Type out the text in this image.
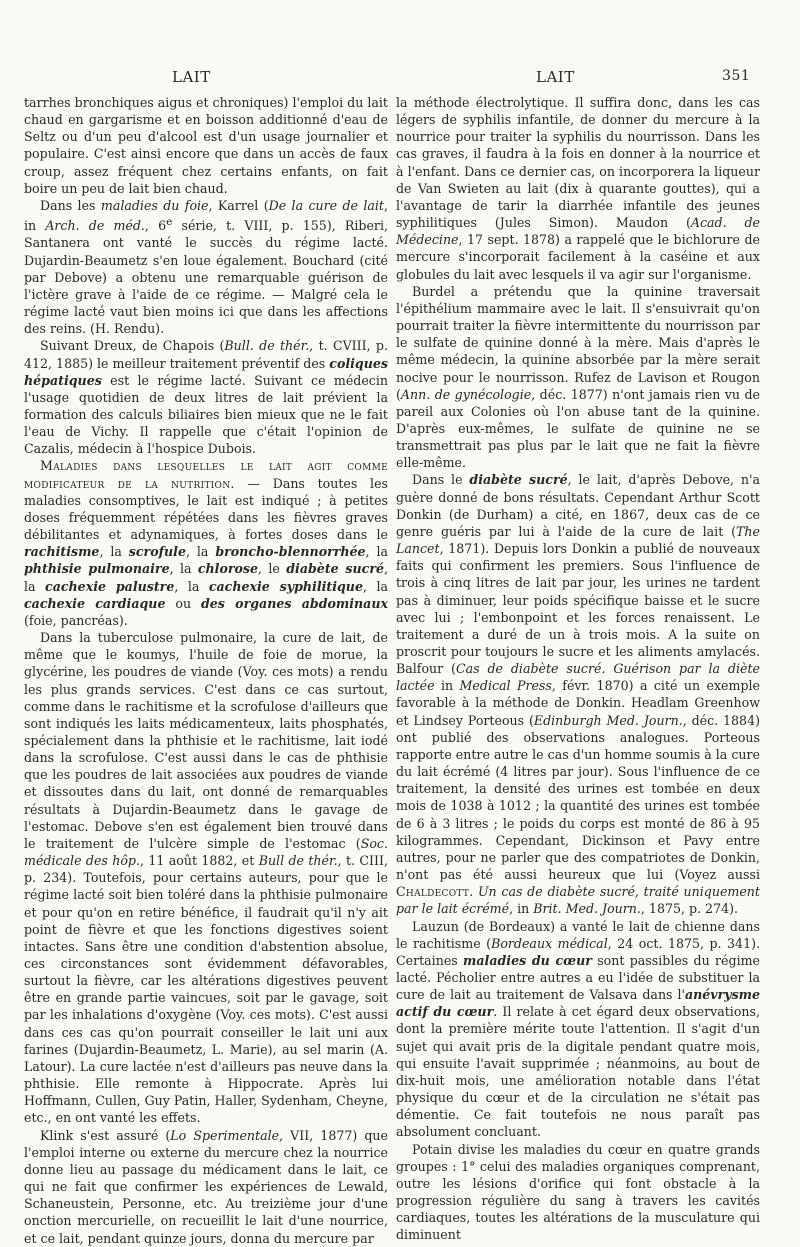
LAIT	LAIT	351

tarrhes bronchiques aigus et chroniques) l'emploi du lait chaud en gargarisme et en boisson additionné d'eau de Seltz ou d'un peu d'alcool est d'un usage journalier et populaire. C'est ainsi encore que dans un accès de faux croup, assez fréquent chez certains enfants, on fait boire un peu de lait bien chaud.

Dans les maladies du foie, Karrel (De la cure de lait, in Arch. de méd., 6e série, t. VIII, p. 155), Riberi, Santanera ont vanté le succès du régime lacté. Dujardin-Beaumetz s'en loue également. Bouchard (cité par Debove) a obtenu une remarquable guérison de l'ictère grave à l'aide de ce régime. — Malgré cela le régime lacté vaut bien moins ici que dans les affections des reins. (H. Rendu).

Suivant Dreux, de Chapois (Bull. de thér., t. CVIII, p. 412, 1885) le meilleur traitement préventif des coliques hépatiques est le régime lacté. Suivant ce médecin l'usage quotidien de deux litres de lait prévient la formation des calculs biliaires bien mieux que ne le fait l'eau de Vichy. Il rappelle que c'était l'opinion de Cazalis, médecin à l'hospice Dubois.

Maladies dans lesquelles le lait agit comme modificateur de la nutrition. — Dans toutes les maladies consomptives, le lait est indiqué ; à petites doses fréquemment répétées dans les fièvres graves débilitantes et adynamiques, à fortes doses dans le rachitisme, la scrofule, la broncho-blennorrhée, la phthisie pulmonaire, la chlorose, le diabète sucré, la cachexie palustre, la cachexie syphilitique, la cachexie cardiaque ou des organes abdominaux (foie, pancréas).

Dans la tuberculose pulmonaire, la cure de lait, de même que le koumys, l'huile de foie de morue, la glycérine, les poudres de viande (Voy. ces mots) a rendu les plus grands services. C'est dans ce cas surtout, comme dans le rachitisme et la scrofulose d'ailleurs que sont indiqués les laits médicamenteux, laits phosphatés, spécialement dans la phthisie et le rachitisme, lait iodé dans la scrofulose. C'est aussi dans le cas de phthisie que les poudres de lait associées aux poudres de viande et dissoutes dans du lait, ont donné de remarquables résultats à Dujardin-Beaumetz dans le gavage de l'estomac. Debove s'en est également bien trouvé dans le traitement de l'ulcère simple de l'estomac (Soc. médicale des hôp., 11 août 1882, et Bull de thér., t. CIII, p. 234). Toutefois, pour certains auteurs, pour que le régime lacté soit bien toléré dans la phthisie pulmonaire et pour qu'on en retire bénéfice, il faudrait qu'il n'y ait point de fièvre et que les fonctions digestives soient intactes. Sans être une condition d'abstention absolue, ces circonstances sont évidemment défavorables, surtout la fièvre, car les altérations digestives peuvent être en grande partie vaincues, soit par le gavage, soit par les inhalations d'oxygène (Voy. ces mots). C'est aussi dans ces cas qu'on pourrait conseiller le lait uni aux farines (Dujardin-Beaumetz, L. Marie), au sel marin (A. Latour). La cure lactée n'est d'ailleurs pas neuve dans la phthisie. Elle remonte à Hippocrate. Après lui Hoffmann, Cullen, Guy Patin, Haller, Sydenham, Cheyne, etc., en ont vanté les effets.

Klink s'est assuré (Lo Sperimentale, VII, 1877) que l'emploi interne ou externe du mercure chez la nourrice donne lieu au passage du médicament dans le lait, ce qui ne fait que confirmer les expériences de Lewald, Schaneustein, Personne, etc. Au treizième jour d'une onction mercurielle, on recueillit le lait d'une nourrice, et ce lait, pendant quinze jours, donna du mercure par

la méthode électrolytique. Il suffira donc, dans les cas légers de syphilis infantile, de donner du mercure à la nourrice pour traiter la syphilis du nourrisson. Dans les cas graves, il faudra à la fois en donner à la nourrice et à l'enfant. Dans ce dernier cas, on incorporera la liqueur de Van Swieten au lait (dix à quarante gouttes), qui a l'avantage de tarir la diarrhée infantile des jeunes syphilitiques (Jules Simon). Maudon (Acad. de Médecine, 17 sept. 1878) a rappelé que le bichlorure de mercure s'incorporait facilement à la caséine et aux globules du lait avec lesquels il va agir sur l'organisme.

Burdel a prétendu que la quinine traversait l'épithélium mammaire avec le lait. Il s'ensuivrait qu'on pourrait traiter la fièvre intermittente du nourrisson par le sulfate de quinine donné à la mère. Mais d'après le même médecin, la quinine absorbée par la mère serait nocive pour le nourrisson. Rufez de Lavison et Rougon (Ann. de gynécologie, déc. 1877) n'ont jamais rien vu de pareil aux Colonies où l'on abuse tant de la quinine. D'après eux-mêmes, le sulfate de quinine ne se transmettrait pas plus par le lait que ne fait la fièvre elle-même.

Dans le diabète sucré, le lait, d'après Debove, n'a guère donné de bons résultats. Cependant Arthur Scott Donkin (de Durham) a cité, en 1867, deux cas de ce genre guéris par lui à l'aide de la cure de lait (The Lancet, 1871). Depuis lors Donkin a publié de nouveaux faits qui confirment les premiers. Sous l'influence de trois à cinq litres de lait par jour, les urines ne tardent pas à diminuer, leur poids spécifique baisse et le sucre avec lui ; l'embonpoint et les forces renaissent. Le traitement a duré de un à trois mois. A la suite on proscrit pour toujours le sucre et les aliments amylacés. Balfour (Cas de diabète sucré. Guérison par la diète lactée in Medical Press, févr. 1870) a cité un exemple favorable à la méthode de Donkin. Headlam Greenhow et Lindsey Porteous (Edinburgh Med. Journ., déc. 1884) ont publié des observations analogues. Porteous rapporte entre autre le cas d'un homme soumis à la cure du lait écrémé (4 litres par jour). Sous l'influence de ce traitement, la densité des urines est tombée en deux mois de 1038 à 1012 ; la quantité des urines est tombée de 6 à 3 litres ; le poids du corps est monté de 86 à 95 kilogrammes. Cependant, Dickinson et Pavy entre autres, pour ne parler que des compatriotes de Donkin, n'ont pas été aussi heureux que lui (Voyez aussi Chaldecott. Un cas de diabète sucré, traité uniquement par le lait écrémé, in Brit. Med. Journ., 1875, p. 274).

Lauzun (de Bordeaux) a vanté le lait de chienne dans le rachitisme (Bordeaux médical, 24 oct. 1875, p. 341). Certaines maladies du cœur sont passibles du régime lacté. Pécholier entre autres a eu l'idée de substituer la cure de lait au traitement de Valsava dans l'anévrysme actif du cœur. Il relate à cet égard deux observations, dont la première mérite toute l'attention. Il s'agit d'un sujet qui avait pris de la digitale pendant quatre mois, qui ensuite l'avait supprimée ; néanmoins, au bout de dix-huit mois, une amélioration notable dans l'état physique du cœur et de la circulation ne s'était pas démentie. Ce fait toutefois ne nous paraît pas absolument concluant.

Potain divise les maladies du cœur en quatre grands groupes : 1° celui des maladies organiques comprenant, outre les lésions d'orifice qui font obstacle à la progression régulière du sang à travers les cavités cardiaques, toutes les altérations de la musculature qui diminuent
